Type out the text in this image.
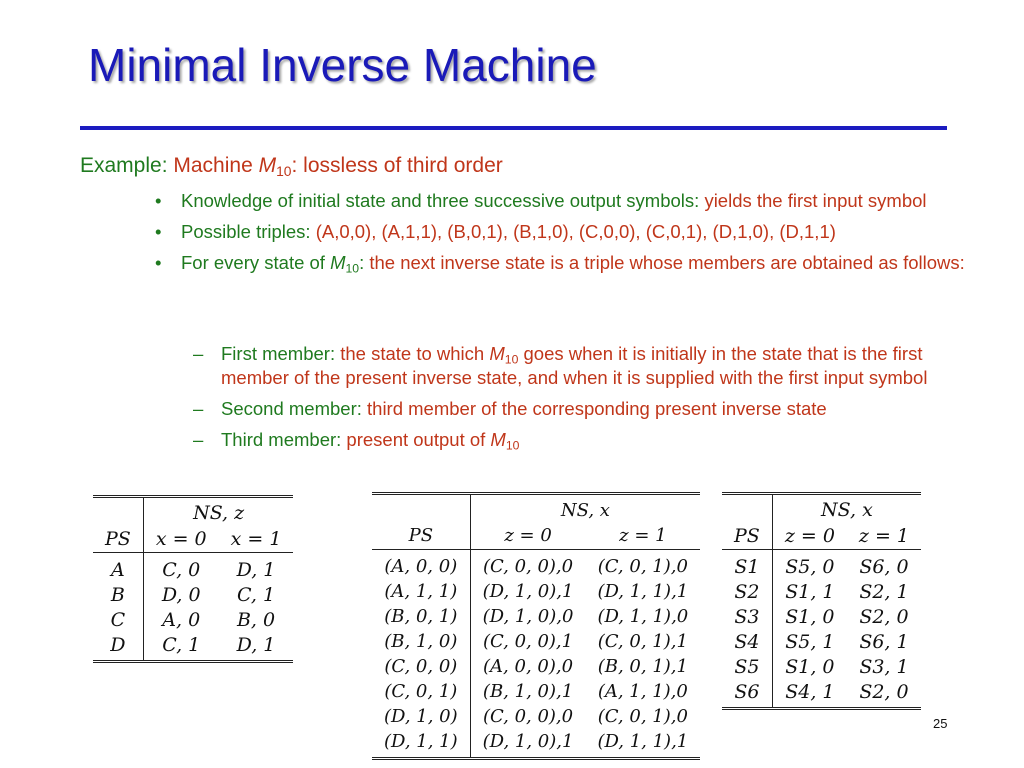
Minimal Inverse Machine
Example: Machine $M_{10}$: lossless of third order
• Knowledge of initial state and three successive output symbols: yields the first input symbol
• Possible triples: (A,0,0), (A,1,1), (B,0,1), (B,1,0), (C,0,0), (C,0,1), (D,1,0), (D,1,1)
• For every state of $M_{10}$: the next inverse state is a triple whose members are obtained as follows:
– First member: the state to which $M_{10}$ goes when it is initially in the state that is the first member of the present inverse state, and when it is supplied with the first input symbol
– Second member: third member of the corresponding present inverse state
– Third member: present output of $M_{10}$
	NS, z	
PS	x = 0	x = 1
A	C, 0	D, 1
B	D, 0	C, 1
C	A, 0	B, 0
D	C, 1	D, 1
	NS, x	
PS	z = 0	z = 1
(A, 0, 0)	(C, 0, 0),0	(C, 0, 1),0
(A, 1, 1)	(D, 1, 0),1	(D, 1, 1),1
(B, 0, 1)	(D, 1, 0),0	(D, 1, 1),0
(B, 1, 0)	(C, 0, 0),1	(C, 0, 1),1
(C, 0, 0)	(A, 0, 0),0	(B, 0, 1),1
(C, 0, 1)	(B, 1, 0),1	(A, 1, 1),0
(D, 1, 0)	(C, 0, 0),0	(C, 0, 1),0
(D, 1, 1)	(D, 1, 0),1	(D, 1, 1),1
	NS, x	
PS	z = 0	z = 1
S1	S5, 0	S6, 0
S2	S1, 1	S2, 1
S3	S1, 0	S2, 0
S4	S5, 1	S6, 1
S5	S1, 0	S3, 1
S6	S4, 1	S2, 0
25
